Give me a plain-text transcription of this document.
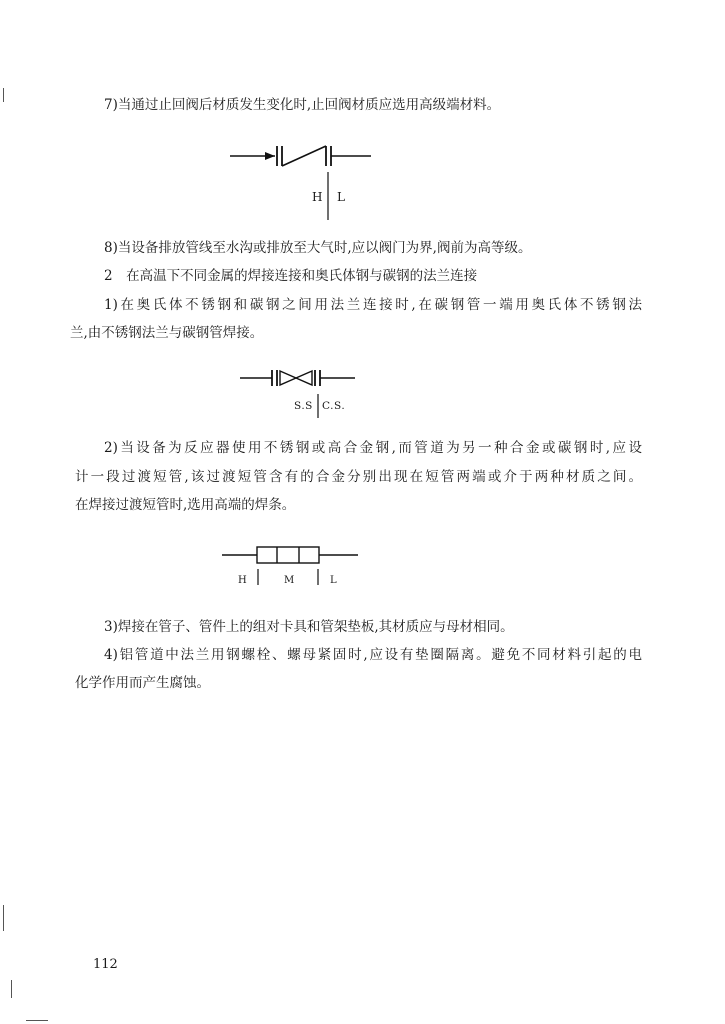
7)当通过止回阀后材质发生变化时,止回阀材质应选用高级端材料。

H L

8)当设备排放管线至水沟或排放至大气时,应以阀门为界,阀前为高等级。

2　在高温下不同金属的焊接连接和奥氏体钢与碳钢的法兰连接

1)在奥氏体不锈钢和碳钢之间用法兰连接时,在碳钢管一端用奥氏体不锈钢法

兰,由不锈钢法兰与碳钢管焊接。

S.S C.S.

2)当设备为反应器使用不锈钢或高合金钢,而管道为另一种合金或碳钢时,应设

计一段过渡短管,该过渡短管含有的合金分别出现在短管两端或介于两种材质之间。

在焊接过渡短管时,选用高端的焊条。

H	M	L

3)焊接在管子、管件上的组对卡具和管架垫板,其材质应与母材相同。

4)铝管道中法兰用钢螺栓、螺母紧固时,应设有垫圈隔离。避免不同材料引起的电

化学作用而产生腐蚀。

112
